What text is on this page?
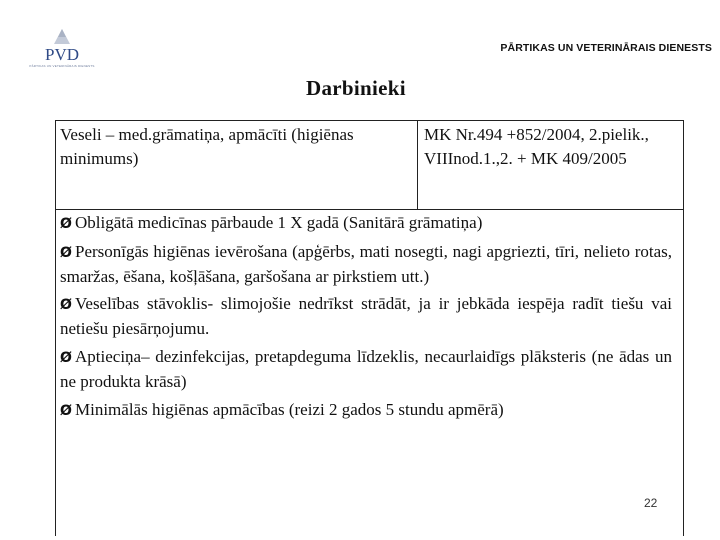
PVD
PĀRTIKAS UN VETERINĀRAIS DIENESTS
PĀRTIKAS UN VETERINĀRAIS DIENESTS
Darbinieki
Veseli – med.grāmatiņa, apmācīti (higiēnas minimums)
MK Nr.494 +852/2004, 2.pielik., VIIInod.1.,2. + MK 409/2005
Ø Obligātā medicīnas pārbaude 1 X gadā (Sanitārā grāmatiņa)
Ø Personīgās higiēnas ievērošana (apģērbs, mati nosegti, nagi apgriezti, tīri, nelieto rotas, smaržas, ēšana, košļāšana, garšošana ar pirkstiem utt.)
Ø Veselības stāvoklis- slimojošie nedrīkst strādāt, ja ir jebkāda iespēja radīt tiešu vai netiešu piesārņojumu.
Ø Aptieciņa– dezinfekcijas, pretapdeguma līdzeklis, necaurlaidīgs plāksteris (ne ādas un ne produkta krāsā)
Ø Minimālās higiēnas apmācības (reizi 2 gados 5 stundu apmērā)
22
